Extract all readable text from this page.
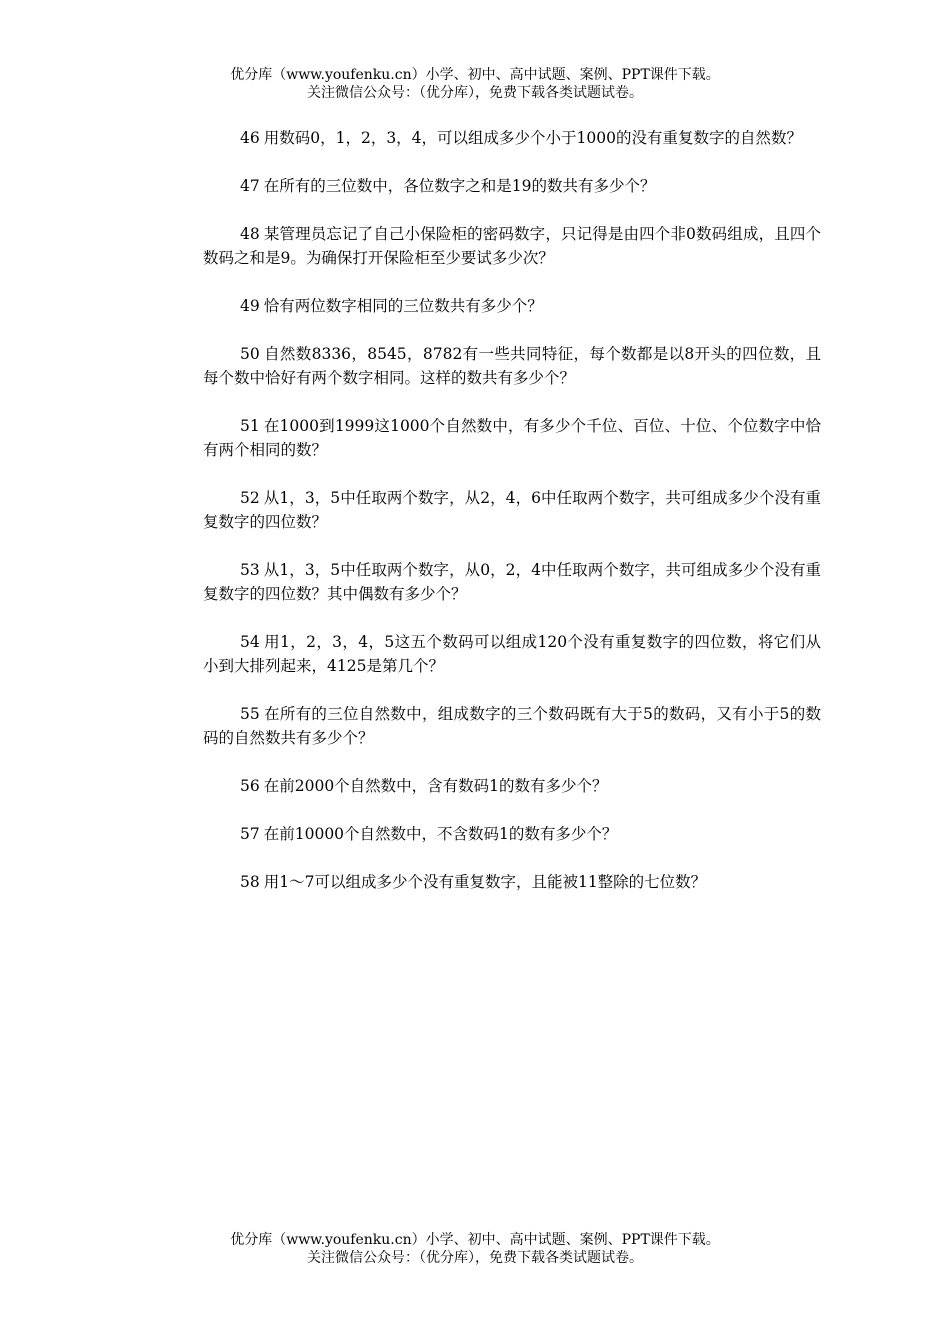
优分库（www.youfenku.cn）小学、初中、高中试题、案例、PPT课件下载。
关注微信公众号：（优分库），免费下载各类试题试卷。

46 用数码0，1，2，3，4，可以组成多少个小于1000的没有重复数字的自然数？

47 在所有的三位数中，各位数字之和是19的数共有多少个？

48 某管理员忘记了自己小保险柜的密码数字，只记得是由四个非0数码组成，且四个数码之和是9。为确保打开保险柜至少要试多少次？

49 恰有两位数字相同的三位数共有多少个？

50 自然数8336，8545，8782有一些共同特征，每个数都是以8开头的四位数，且每个数中恰好有两个数字相同。这样的数共有多少个？

51 在1000到1999这1000个自然数中，有多少个千位、百位、十位、个位数字中恰有两个相同的数？

52 从1，3，5中任取两个数字，从2，4，6中任取两个数字，共可组成多少个没有重复数字的四位数？

53 从1，3，5中任取两个数字，从0，2，4中任取两个数字，共可组成多少个没有重复数字的四位数？其中偶数有多少个？

54 用1，2，3，4，5这五个数码可以组成120个没有重复数字的四位数，将它们从小到大排列起来，4125是第几个？

55 在所有的三位自然数中，组成数字的三个数码既有大于5的数码，又有小于5的数码的自然数共有多少个？

56 在前2000个自然数中，含有数码1的数有多少个？

57 在前10000个自然数中，不含数码1的数有多少个？

58 用1～7可以组成多少个没有重复数字，且能被11整除的七位数？

优分库（www.youfenku.cn）小学、初中、高中试题、案例、PPT课件下载。
关注微信公众号：（优分库），免费下载各类试题试卷。
